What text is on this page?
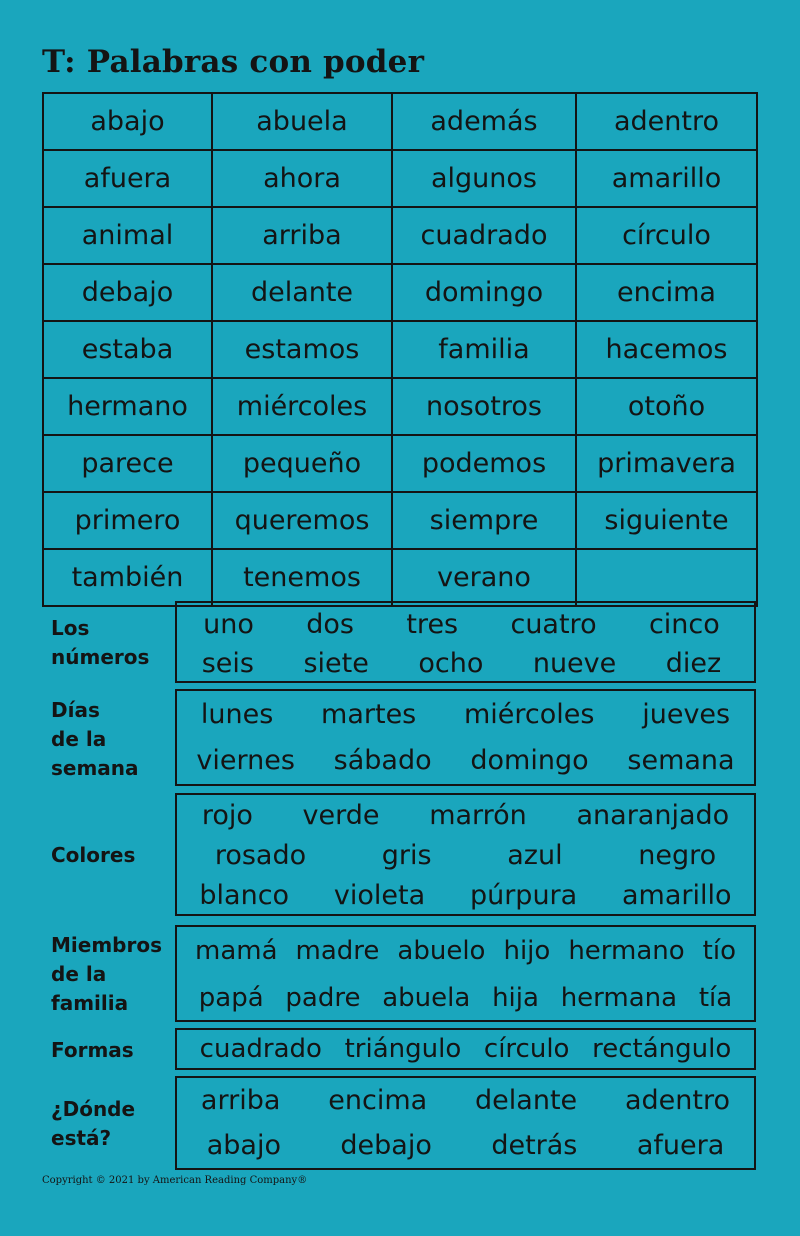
T: Palabras con poder
abajo	abuela	además	adentro
afuera	ahora	algunos	amarillo
animal	arriba	cuadrado	círculo
debajo	delante	domingo	encima
estaba	estamos	familia	hacemos
hermano	miércoles	nosotros	otoño
parece	pequeño	podemos	primavera
primero	queremos	siempre	siguiente
también	tenemos	verano	
Los
números
uno dos tres cuatro cinco
seis siete ocho nueve diez
Días
de la
semana
lunes martes miércoles jueves
viernes sábado domingo semana
Colores
rojo verde marrón anaranjado
rosado	gris	azul	negro
blanco violeta púrpura amarillo
Miembros
de la
familia
mamá madre abuelo hijo hermano tío
papá padre abuela hija hermana tía
Formas	cuadrado triángulo círculo rectángulo
¿Dónde
está?
arriba encima delante adentro
abajo debajo detrás afuera
Copyright © 2021 by American Reading Company®
